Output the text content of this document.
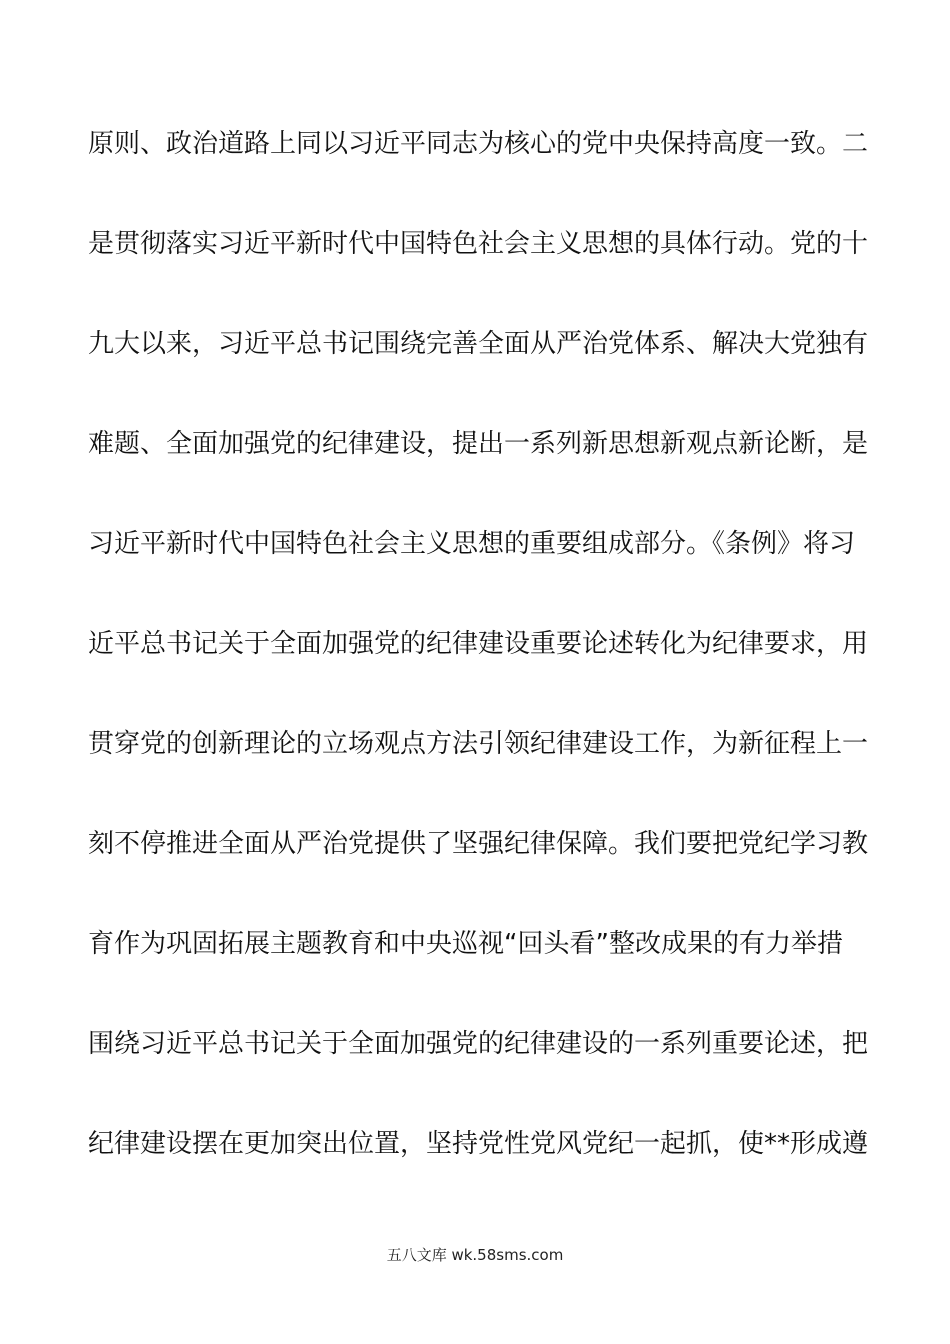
原则、政治道路上同以习近平同志为核心的党中央保持高度一致。二
是贯彻落实习近平新时代中国特色社会主义思想的具体行动。党的十
九大以来，习近平总书记围绕完善全面从严治党体系、解决大党独有
难题、全面加强党的纪律建设，提出一系列新思想新观点新论断，是
习近平新时代中国特色社会主义思想的重要组成部分。《条例》将习
近平总书记关于全面加强党的纪律建设重要论述转化为纪律要求，用
贯穿党的创新理论的立场观点方法引领纪律建设工作，为新征程上一
刻不停推进全面从严治党提供了坚强纪律保障。我们要把党纪学习教
育作为巩固拓展主题教育和中央巡视“回头看”整改成果的有力举措
围绕习近平总书记关于全面加强党的纪律建设的一系列重要论述，把
纪律建设摆在更加突出位置，坚持党性党风党纪一起抓，使**形成遵
五八文库 wk.58sms.com
